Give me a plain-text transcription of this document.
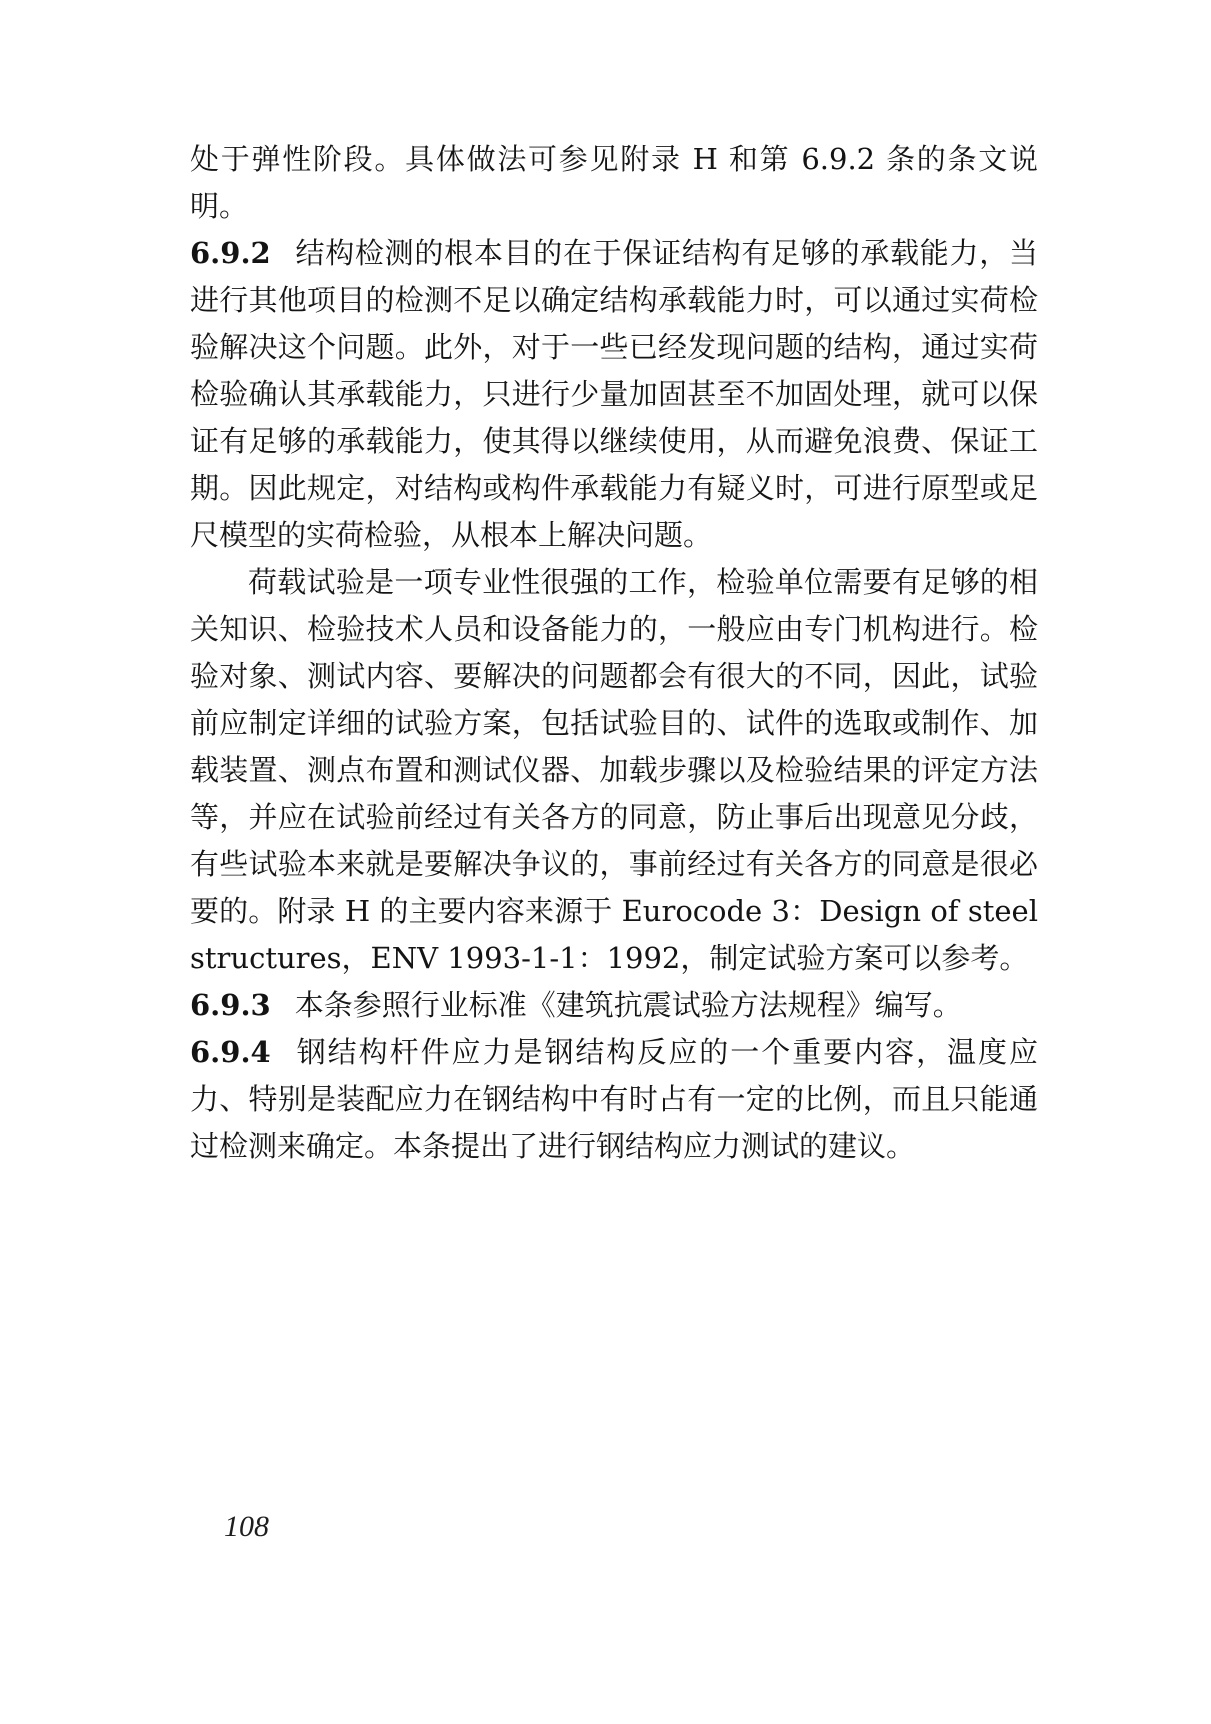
处于弹性阶段。具体做法可参见附录 H 和第 6.9.2 条的条文说明。

6.9.2 结构检测的根本目的在于保证结构有足够的承载能力，当进行其他项目的检测不足以确定结构承载能力时，可以通过实荷检验解决这个问题。此外，对于一些已经发现问题的结构，通过实荷检验确认其承载能力，只进行少量加固甚至不加固处理，就可以保证有足够的承载能力，使其得以继续使用，从而避免浪费、保证工期。因此规定，对结构或构件承载能力有疑义时，可进行原型或足尺模型的实荷检验，从根本上解决问题。

荷载试验是一项专业性很强的工作，检验单位需要有足够的相关知识、检验技术人员和设备能力的，一般应由专门机构进行。检验对象、测试内容、要解决的问题都会有很大的不同，因此，试验前应制定详细的试验方案，包括试验目的、试件的选取或制作、加载装置、测点布置和测试仪器、加载步骤以及检验结果的评定方法等，并应在试验前经过有关各方的同意，防止事后出现意见分歧，有些试验本来就是要解决争议的，事前经过有关各方的同意是很必要的。附录 H 的主要内容来源于 Eurocode 3：Design of steel structures，ENV 1993-1-1：1992，制定试验方案可以参考。

6.9.3 本条参照行业标准《建筑抗震试验方法规程》编写。

6.9.4 钢结构杆件应力是钢结构反应的一个重要内容，温度应力、特别是装配应力在钢结构中有时占有一定的比例，而且只能通过检测来确定。本条提出了进行钢结构应力测试的建议。

108
